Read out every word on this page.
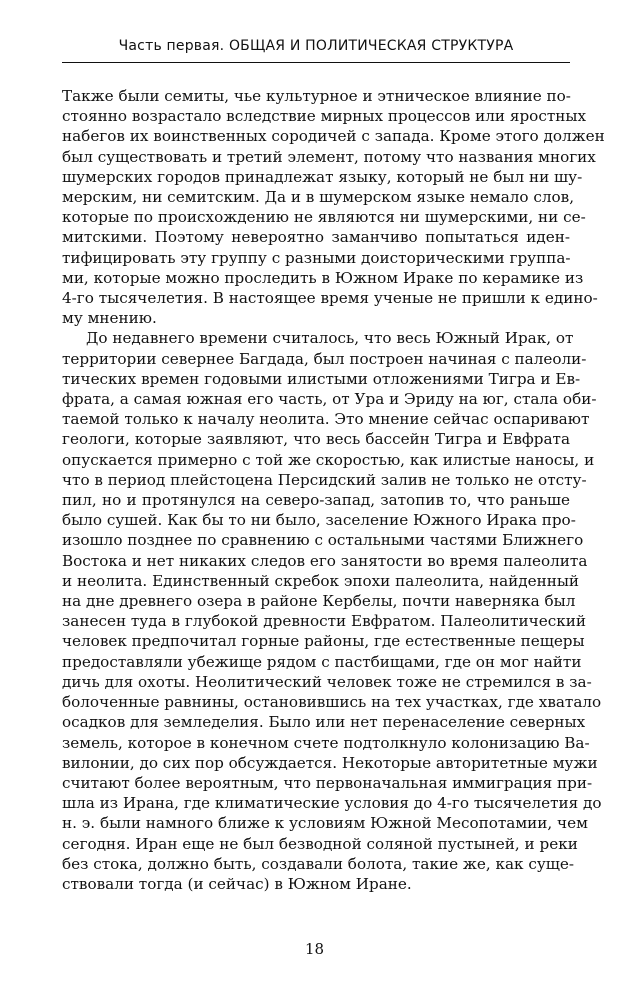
Часть первая. ОБЩАЯ И ПОЛИТИЧЕСКАЯ СТРУКТУРА
Также были семиты, чье культурное и этническое влияние по-
стоянно возрастало вследствие мирных процессов или яростных
набегов их воинственных сородичей с запада. Кроме этого должен
был существовать и третий элемент, потому что названия многих
шумерских городов принадлежат языку, который не был ни шу-
мерским, ни семитским. Да и в шумерском языке немало слов,
которые по происхождению не являются ни шумерскими, ни се-
митскими. Поэтому невероятно заманчиво попытаться иден-
тифицировать эту группу с разными доисторическими группа-
ми, которые можно проследить в Южном Ираке по керамике из
4-го тысячелетия. В настоящее время ученые не пришли к едино-
му мнению.
До недавнего времени считалось, что весь Южный Ирак, от
территории севернее Багдада, был построен начиная с палеоли-
тических времен годовыми илистыми отложениями Тигра и Ев-
фрата, а самая южная его часть, от Ура и Эриду на юг, стала оби-
таемой только к началу неолита. Это мнение сейчас оспаривают
геологи, которые заявляют, что весь бассейн Тигра и Евфрата
опускается примерно с той же скоростью, как илистые наносы, и
что в период плейстоцена Персидский залив не только не отсту-
пил, но и протянулся на северо-запад, затопив то, что раньше
было сушей. Как бы то ни было, заселение Южного Ирака про-
изошло позднее по сравнению с остальными частями Ближнего
Востока и нет никаких следов его занятости во время палеолита
и неолита. Единственный скребок эпохи палеолита, найденный
на дне древнего озера в районе Кербелы, почти наверняка был
занесен туда в глубокой древности Евфратом. Палеолитический
человек предпочитал горные районы, где естественные пещеры
предоставляли убежище рядом с пастбищами, где он мог найти
дичь для охоты. Неолитический человек тоже не стремился в за-
болоченные равнины, остановившись на тех участках, где хватало
осадков для земледелия. Было или нет перенаселение северных
земель, которое в конечном счете подтолкнуло колонизацию Ва-
вилонии, до сих пор обсуждается. Некоторые авторитетные мужи
считают более вероятным, что первоначальная иммиграция при-
шла из Ирана, где климатические условия до 4-го тысячелетия до
н. э. были намного ближе к условиям Южной Месопотамии, чем
сегодня. Иран еще не был безводной соляной пустыней, и реки
без стока, должно быть, создавали болота, такие же, как суще-
ствовали тогда (и сейчас) в Южном Иране.
18
